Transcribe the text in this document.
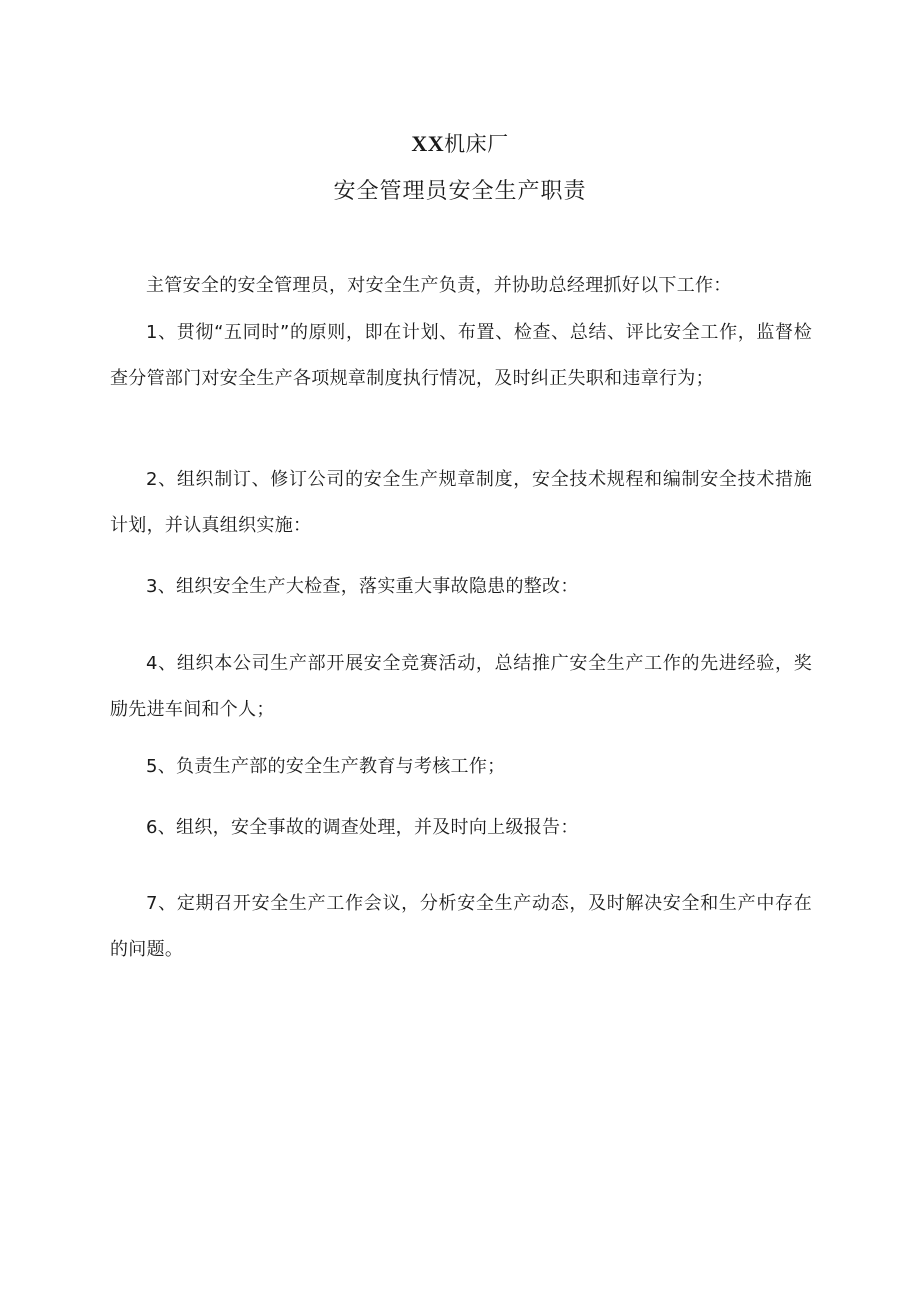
XX机床厂
安全管理员安全生产职责

主管安全的安全管理员，对安全生产负责，并协助总经理抓好以下工作：

1、贯彻“五同时”的原则，即在计划、布置、检查、总结、评比安全工作，监督检查分管部门对安全生产各项规章制度执行情况，及时纠正失职和违章行为；

2、组织制订、修订公司的安全生产规章制度，安全技术规程和编制安全技术措施计划，并认真组织实施：

3、组织安全生产大检查，落实重大事故隐患的整改：

4、组织本公司生产部开展安全竞赛活动，总结推广安全生产工作的先进经验，奖励先进车间和个人；

5、负责生产部的安全生产教育与考核工作；

6、组织，安全事故的调查处理，并及时向上级报告：

7、定期召开安全生产工作会议，分析安全生产动态，及时解决安全和生产中存在的问题。
